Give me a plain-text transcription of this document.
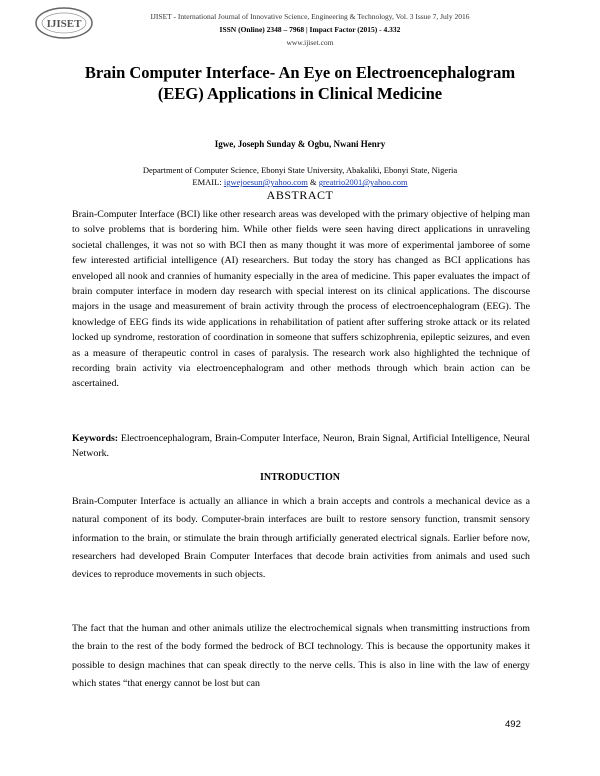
IJISET
IJISET - International Journal of Innovative Science, Engineering & Technology, Vol. 3 Issue 7, July 2016
ISSN (Online) 2348 – 7968 | Impact Factor (2015) - 4.332
www.ijiset.com
Brain Computer Interface- An Eye on Electroencephalogram (EEG) Applications in Clinical Medicine
Igwe, Joseph Sunday & Ogbu, Nwani Henry
Department of Computer Science, Ebonyi State University, Abakaliki, Ebonyi State, Nigeria
EMAIL: igwejoesun@yahoo.com & greatrio2001@yahoo.com
ABSTRACT

Brain-Computer Interface (BCI) like other research areas was developed with the primary objective of helping man to solve problems that is bordering him. While other fields were seen having direct applications in unraveling societal challenges, it was not so with BCI then as many thought it was more of experimental jamboree of some few interested artificial intelligence (AI) researchers. But today the story has changed as BCI applications has enveloped all nook and crannies of humanity especially in the area of medicine. This paper evaluates the impact of brain computer interface in modern day research with special interest on its clinical applications. The discourse majors in the usage and measurement of brain activity through the process of electroencephalogram (EEG). The knowledge of EEG finds its wide applications in rehabilitation of patient after suffering stroke attack or its related locked up syndrome, restoration of coordination in someone that suffers schizophrenia, epileptic seizures, and even as a measure of therapeutic control in cases of paralysis. The research work also highlighted the technique of recording brain activity via electroencephalogram and other methods through which brain action can be ascertained.

Keywords: Electroencephalogram, Brain-Computer Interface, Neuron, Brain Signal, Artificial Intelligence, Neural Network.

INTRODUCTION

Brain-Computer Interface is actually an alliance in which a brain accepts and controls a mechanical device as a natural component of its body. Computer-brain interfaces are built to restore sensory function, transmit sensory information to the brain, or stimulate the brain through artificially generated electrical signals. Earlier before now, researchers had developed Brain Computer Interfaces that decode brain activities from animals and used such devices to reproduce movements in such objects.

The fact that the human and other animals utilize the electrochemical signals when transmitting instructions from the brain to the rest of the body formed the bedrock of BCI technology. This is because the opportunity makes it possible to design machines that can speak directly to the nerve cells. This is also in line with the law of energy which states “that energy cannot be lost but can

492
